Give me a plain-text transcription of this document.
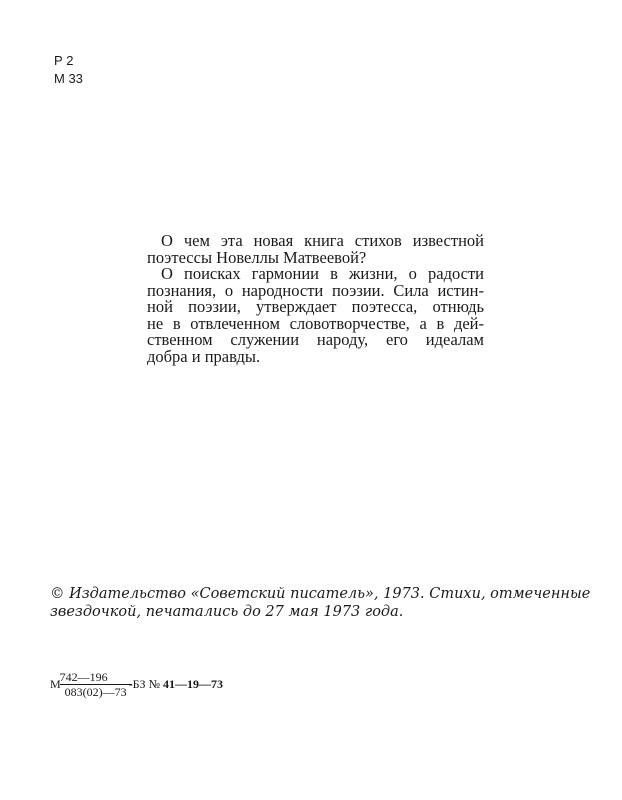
Р 2
М 33
О чем эта новая книга стихов известной
поэтессы Новеллы Матвеевой?
О поисках гармонии в жизни, о радости
познания, о народности поэзии. Сила истин-
ной поэзии, утверждает поэтесса, отнюдь
не в отвлеченном словотворчестве, а в дей-
ственном служении народу, его идеалам
добра и правды.
© Издательство «Советский писатель», 1973. Стихи, отмеченные
звездочкой, печатались до 27 мая 1973 года.
М $\frac{742—196}{083(02)—73} -БЗ$ №
41—19—73
